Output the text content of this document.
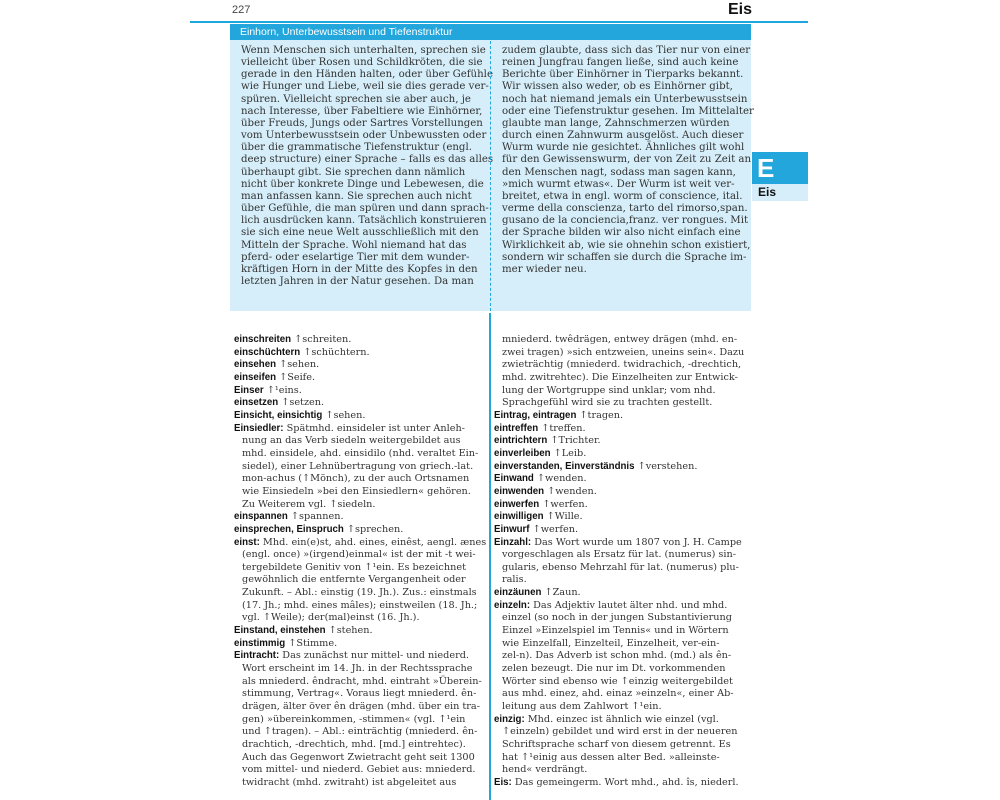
227	Eis
Einhorn, Unterbewusstsein und Tiefenstruktur
Wenn Menschen sich unterhalten, sprechen sie
vielleicht über Rosen und Schildkröten, die sie
gerade in den Händen halten, oder über Gefühle
wie Hunger und Liebe, weil sie dies gerade ver-
spüren. Vielleicht sprechen sie aber auch, je
nach Interesse, über Fabeltiere wie Einhörner,
über Freuds, Jungs oder Sartres Vorstellungen
vom Unterbewusstsein oder Unbewussten oder
über die grammatische Tiefenstruktur (engl.
deep structure) einer Sprache – falls es das alles
überhaupt gibt. Sie sprechen dann nämlich
nicht über konkrete Dinge und Lebewesen, die
man anfassen kann. Sie sprechen auch nicht
über Gefühle, die man spüren und dann sprach-
lich ausdrücken kann. Tatsächlich konstruieren
sie sich eine neue Welt ausschließlich mit den
Mitteln der Sprache. Wohl niemand hat das
pferd- oder eselartige Tier mit dem wunder-
kräftigen Horn in der Mitte des Kopfes in den
letzten Jahren in der Natur gesehen. Da man
zudem glaubte, dass sich das Tier nur von einer
reinen Jungfrau fangen ließe, sind auch keine
Berichte über Einhörner in Tierparks bekannt.
Wir wissen also weder, ob es Einhörner gibt,
noch hat niemand jemals ein Unterbewusstsein
oder eine Tiefenstruktur gesehen. Im Mittelalter
glaubte man lange, Zahnschmerzen würden
durch einen Zahnwurm ausgelöst. Auch dieser
Wurm wurde nie gesichtet. Ähnliches gilt wohl
für den Gewissenswurm, der von Zeit zu Zeit an
den Menschen nagt, sodass man sagen kann,
»mich wurmt etwas«. Der Wurm ist weit ver-
breitet, etwa in engl. worm of conscience, ital.
verme della conscienza, tarto del rimorso,span.
gusano de la conciencia,franz. ver rongues. Mit
der Sprache bilden wir also nicht einfach eine
Wirklichkeit ab, wie sie ohnehin schon existiert,
sondern wir schaffen sie durch die Sprache im-
mer wieder neu.
E
Eis
einschreiten ↑schreiten.
einschüchtern ↑schüchtern.
einsehen ↑sehen.
einseifen ↑Seife.
Einser ↑¹eins.
einsetzen ↑setzen.
Einsicht, einsichtig ↑sehen.
Einsiedler: Spätmhd. einsideler ist unter Anleh-
nung an das Verb siedeln weitergebildet aus
mhd. einsidele, ahd. einsidilo (nhd. veraltet Ein-
siedel), einer Lehnübertragung von griech.-lat.
mon-achus (↑Mönch), zu der auch Ortsnamen
wie Einsiedeln »bei den Einsiedlern« gehören.
Zu Weiterem vgl. ↑siedeln.
einspannen ↑spannen.
einsprechen, Einspruch ↑sprechen.
einst: Mhd. ein(e)st, ahd. eines, einêst, aengl. ænes
(engl. once) »(irgend)einmal« ist der mit -t wei-
tergebildete Genitiv von ↑¹ein. Es bezeichnet
gewöhnlich die entfernte Vergangenheit oder
Zukunft. – Abl.: einstig (19. Jh.). Zus.: einstmals
(17. Jh.; mhd. eines mâles); einstweilen (18. Jh.;
vgl. ↑Weile); der(mal)einst (16. Jh.).
Einstand, einstehen ↑stehen.
einstimmig ↑Stimme.
Eintracht: Das zunächst nur mittel- und niederd.
Wort erscheint im 14. Jh. in der Rechtssprache
als mniederd. êndracht, mhd. eintraht »Überein-
stimmung, Vertrag«. Voraus liegt mniederd. ên-
drägen, älter över ên drägen (mhd. über ein tra-
gen) »übereinkommen, -stimmen« (vgl. ↑¹ein
und ↑tragen). – Abl.: einträchtig (mniederd. ên-
drachtich, -drechtich, mhd. [md.] eintrehtec).
Auch das Gegenwort Zwietracht geht seit 1300
vom mittel- und niederd. Gebiet aus: mniederd.
twidracht (mhd. zwitraht) ist abgeleitet aus
mniederd. twêdrägen, entwey drägen (mhd. en-
zwei tragen) »sich entzweien, uneins sein«. Dazu
zwieträchtig (mniederd. twidrachich, -drechtich,
mhd. zwitrehtec). Die Einzelheiten zur Entwick-
lung der Wortgruppe sind unklar; vom nhd.
Sprachgefühl wird sie zu trachten gestellt.
Eintrag, eintragen ↑tragen.
eintreffen ↑treffen.
eintrichtern ↑Trichter.
einverleiben ↑Leib.
einverstanden, Einverständnis ↑verstehen.
Einwand ↑wenden.
einwenden ↑wenden.
einwerfen ↑werfen.
einwilligen ↑Wille.
Einwurf ↑werfen.
Einzahl: Das Wort wurde um 1807 von J. H. Campe
vorgeschlagen als Ersatz für lat. (numerus) sin-
gularis, ebenso Mehrzahl für lat. (numerus) plu-
ralis.
einzäunen ↑Zaun.
einzeln: Das Adjektiv lautet älter nhd. und mhd.
einzel (so noch in der jungen Substantivierung
Einzel »Einzelspiel im Tennis« und in Wörtern
wie Einzelfall, Einzelteil, Einzelheit, ver-ein-
zel-n). Das Adverb ist schon mhd. (md.) als ên-
zelen bezeugt. Die nur im Dt. vorkommenden
Wörter sind ebenso wie ↑einzig weitergebildet
aus mhd. einez, ahd. einaz »einzeln«, einer Ab-
leitung aus dem Zahlwort ↑¹ein.
einzig: Mhd. einzec ist ähnlich wie einzel (vgl.
↑einzeln) gebildet und wird erst in der neueren
Schriftsprache scharf von diesem getrennt. Es
hat ↑¹einig aus dessen alter Bed. »alleinste-
hend« verdrängt.
Eis: Das gemeingerm. Wort mhd., ahd. îs, niederl.
